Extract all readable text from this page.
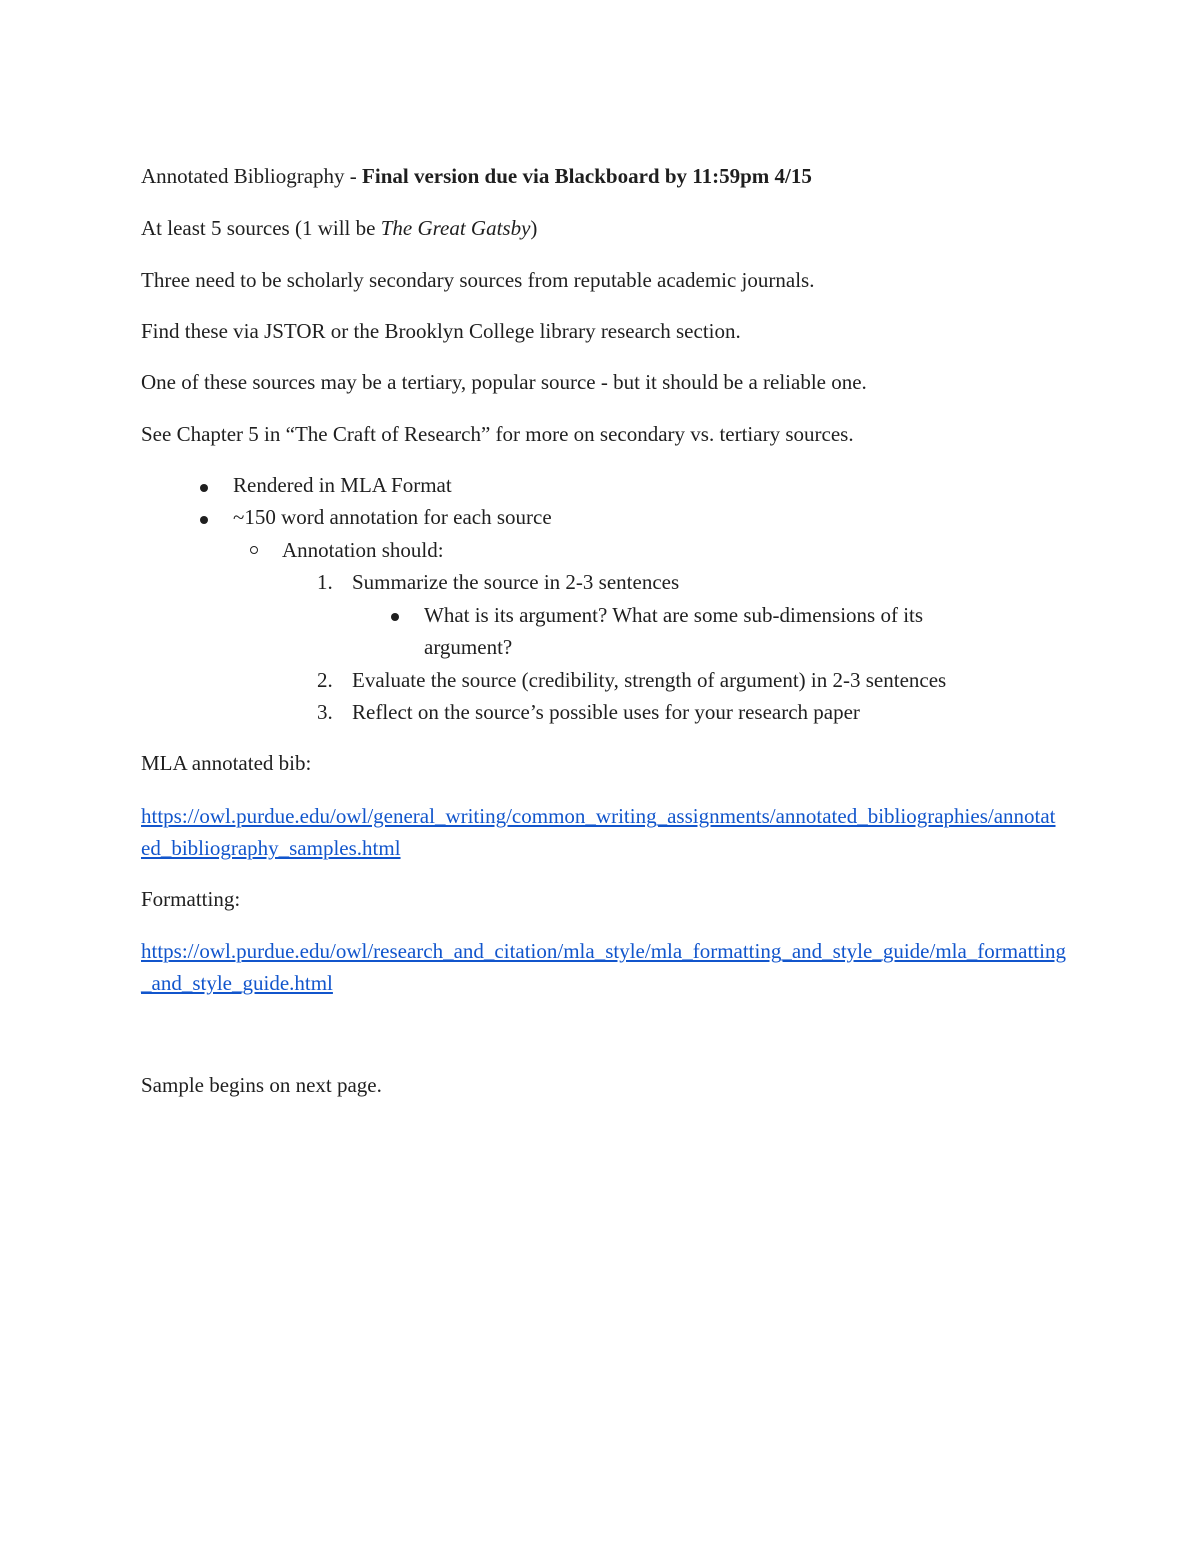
Annotated Bibliography - Final version due via Blackboard by 11:59pm 4/15
At least 5 sources (1 will be The Great Gatsby)
Three need to be scholarly secondary sources from reputable academic journals.
Find these via JSTOR or the Brooklyn College library research section.
One of these sources may be a tertiary, popular source - but it should be a reliable one.
See Chapter 5 in “The Craft of Research” for more on secondary vs. tertiary sources.
Rendered in MLA Format
~150 word annotation for each source
Annotation should:
1. Summarize the source in 2-3 sentences
What is its argument? What are some sub-dimensions of its
argument?
2. Evaluate the source (credibility, strength of argument) in 2-3 sentences
3. Reflect on the source’s possible uses for your research paper
MLA annotated bib:
https://owl.purdue.edu/owl/general_writing/common_writing_assignments/annotated_bibliographies/annotated_bibliography_samples.html
Formatting:
https://owl.purdue.edu/owl/research_and_citation/mla_style/mla_formatting_and_style_guide/mla_formatting_and_style_guide.html
Sample begins on next page.
